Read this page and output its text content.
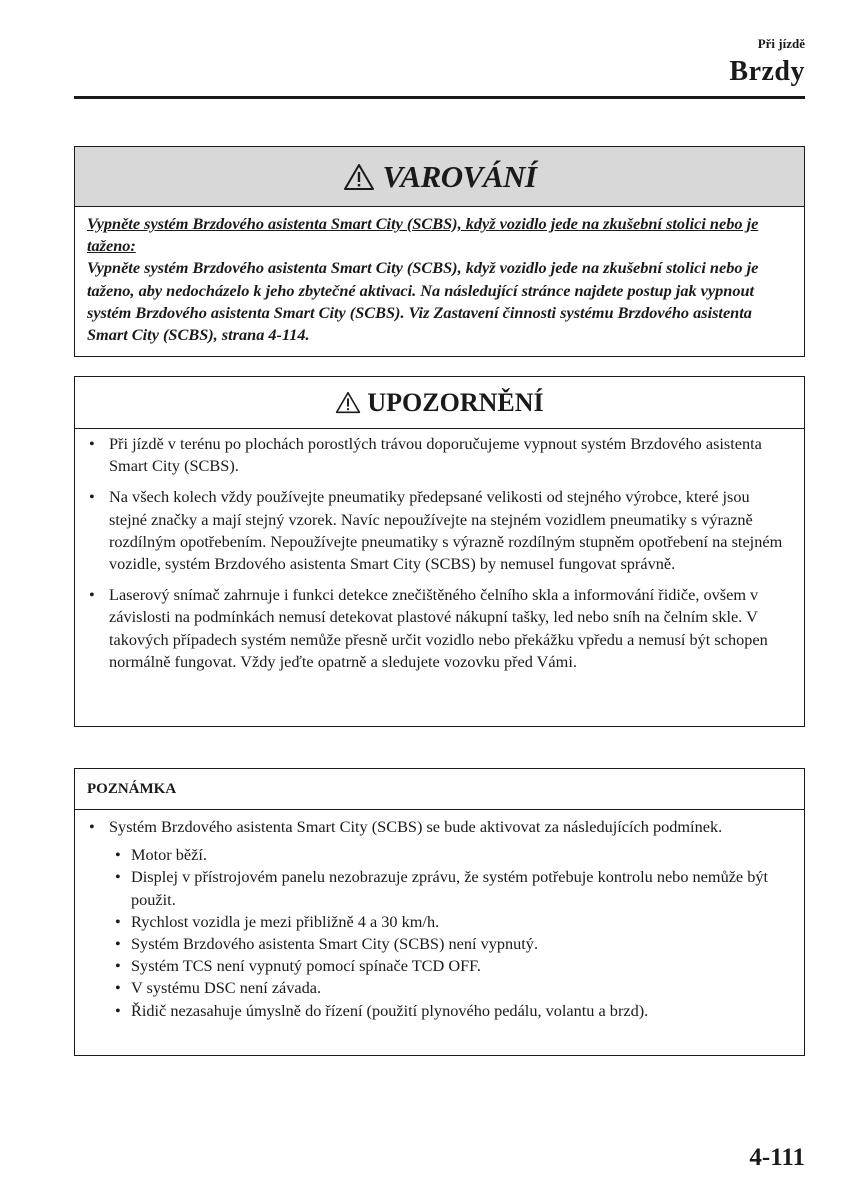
Při jízdě
Brzdy
VAROVÁNÍ
Vypněte systém Brzdového asistenta Smart City (SCBS), když vozidlo jede na zkušební stolici nebo je taženo:
Vypněte systém Brzdového asistenta Smart City (SCBS), když vozidlo jede na zkušební stolici nebo je taženo, aby nedocházelo k jeho zbytečné aktivaci. Na následující stránce najdete postup jak vypnout systém Brzdového asistenta Smart City (SCBS). Viz Zastavení činnosti systému Brzdového asistenta Smart City (SCBS), strana 4-114.
UPOZORNĚNÍ
• Při jízdě v terénu po plochách porostlých trávou doporučujeme vypnout systém Brzdového asistenta Smart City (SCBS).
• Na všech kolech vždy používejte pneumatiky předepsané velikosti od stejného výrobce, které jsou stejné značky a mají stejný vzorek. Navíc nepoužívejte na stejném vozidlem pneumatiky s výrazně rozdílným opotřebením. Nepoužívejte pneumatiky s výrazně rozdílným stupněm opotřebení na stejném vozidle, systém Brzdového asistenta Smart City (SCBS) by nemusel fungovat správně.
• Laserový snímač zahrnuje i funkci detekce znečištěného čelního skla a informování řidiče, ovšem v závislosti na podmínkách nemusí detekovat plastové nákupní tašky, led nebo sníh na čelním skle. V takových případech systém nemůže přesně určit vozidlo nebo překážku vpředu a nemusí být schopen normálně fungovat. Vždy jeďte opatrně a sledujete vozovku před Vámi.
POZNÁMKA
• Systém Brzdového asistenta Smart City (SCBS) se bude aktivovat za následujících podmínek.
• Motor běží.
• Displej v přístrojovém panelu nezobrazuje zprávu, že systém potřebuje kontrolu nebo nemůže být použit.
• Rychlost vozidla je mezi přibližně 4 a 30 km/h.
• Systém Brzdového asistenta Smart City (SCBS) není vypnutý.
• Systém TCS není vypnutý pomocí spínače TCD OFF.
• V systému DSC není závada.
• Řidič nezasahuje úmyslně do řízení (použití plynového pedálu, volantu a brzd).
4-111
